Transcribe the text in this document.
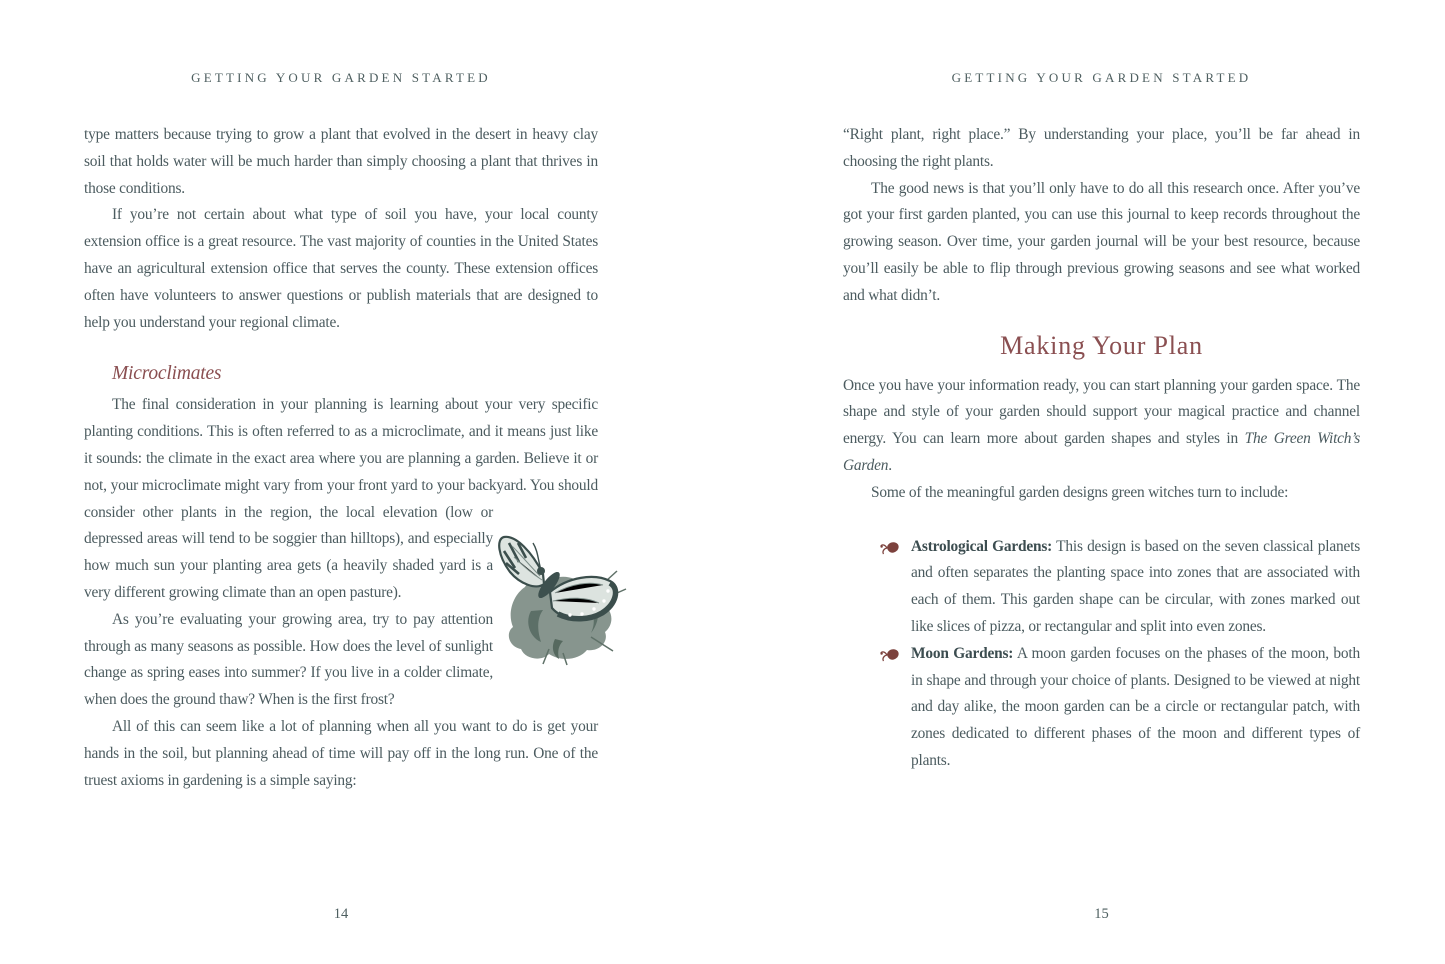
GETTING YOUR GARDEN STARTED

type matters because trying to grow a plant that evolved in the desert in heavy clay soil that holds water will be much harder than simply choosing a plant that thrives in those conditions.

If you’re not certain about what type of soil you have, your local county extension office is a great resource. The vast majority of counties in the United States have an agricultural extension office that serves the county. These extension offices often have volunteers to answer questions or publish materials that are designed to help you understand your regional climate.

Microclimates

The final consideration in your planning is learning about your very specific planting conditions. This is often referred to as a microclimate, and it means just like it sounds: the climate in the exact area where you are planning a garden. Believe it or not, your microclimate might vary from your front yard to your backyard. You should consider other plants in the region, the local elevation (low or depressed areas will tend to be soggier than hilltops), and especially how much sun your planting area gets (a heavily shaded yard is a very different growing climate than an open pasture).

As you’re evaluating your growing area, try to pay attention through as many seasons as possible. How does the level of sunlight change as spring eases into summer? If you live in a colder climate, when does the ground thaw? When is the first frost?

All of this can seem like a lot of planning when all you want to do is get your hands in the soil, but planning ahead of time will pay off in the long run. One of the truest axioms in gardening is a simple saying:

14
GETTING YOUR GARDEN STARTED

“Right plant, right place.” By understanding your place, you’ll be far ahead in choosing the right plants.

The good news is that you’ll only have to do all this research once. After you’ve got your first garden planted, you can use this journal to keep records throughout the growing season. Over time, your garden journal will be your best resource, because you’ll easily be able to flip through previous growing seasons and see what worked and what didn’t.

Making Your Plan

Once you have your information ready, you can start planning your garden space. The shape and style of your garden should support your magical practice and channel energy. You can learn more about garden shapes and styles in The Green Witch’s Garden.

Some of the meaningful garden designs green witches turn to include:

Astrological Gardens: This design is based on the seven classical planets and often separates the planting space into zones that are associated with each of them. This garden shape can be circular, with zones marked out like slices of pizza, or rectangular and split into even zones.
Moon Gardens: A moon garden focuses on the phases of the moon, both in shape and through your choice of plants. Designed to be viewed at night and day alike, the moon garden can be a circle or rectangular patch, with zones dedicated to different phases of the moon and different types of plants.
15
